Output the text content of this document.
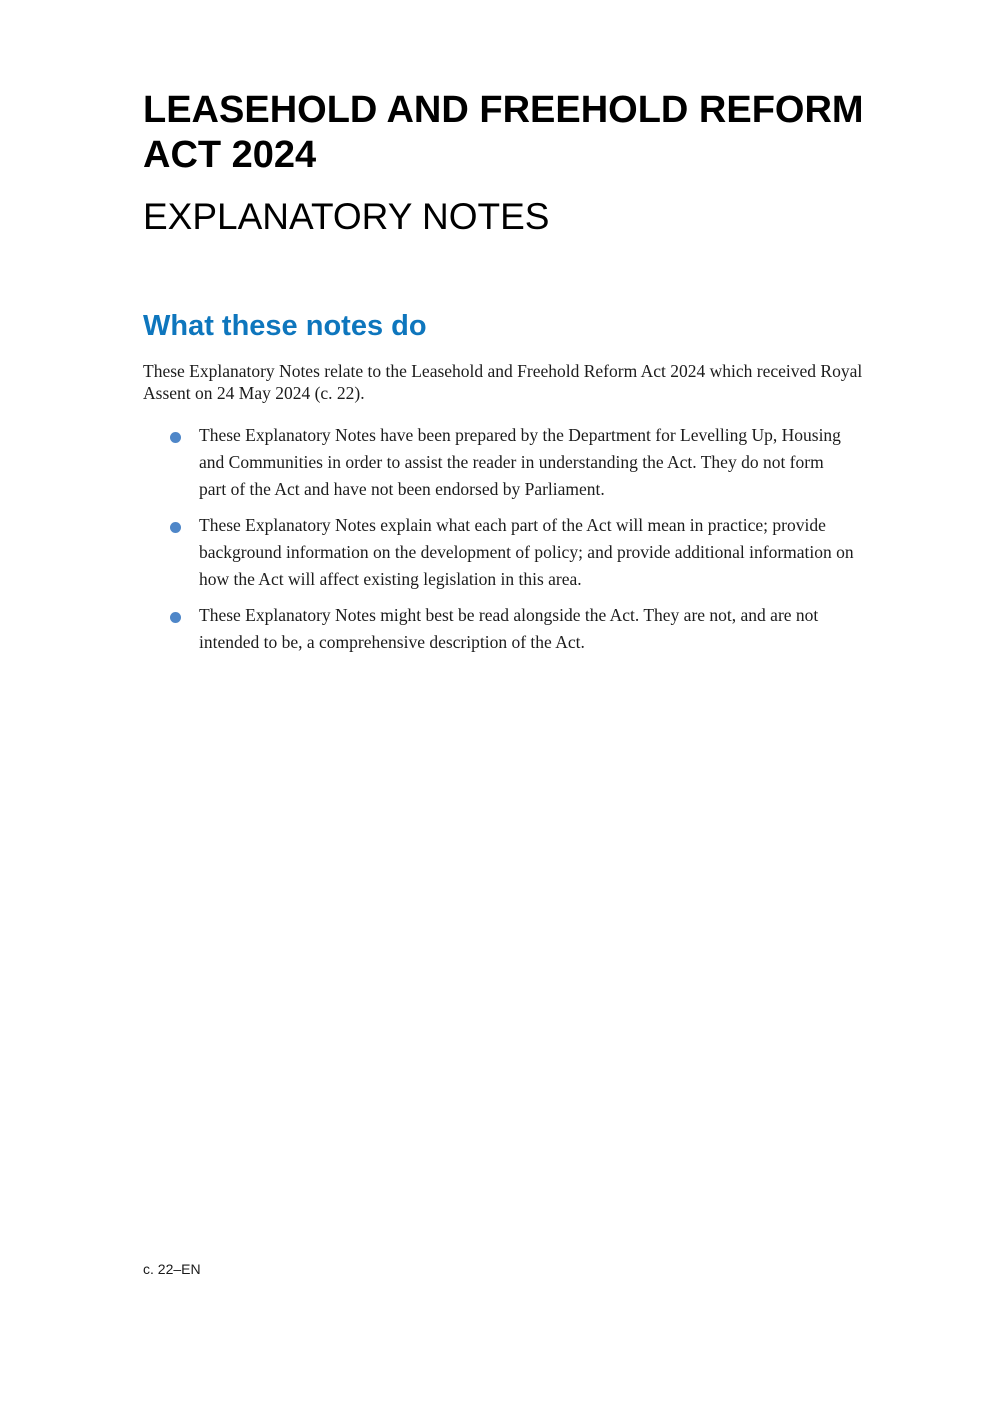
LEASEHOLD AND FREEHOLD REFORM ACT 2024
EXPLANATORY NOTES
What these notes do

These Explanatory Notes relate to the Leasehold and Freehold Reform Act 2024 which received Royal Assent on 24 May 2024 (c. 22).

These Explanatory Notes have been prepared by the Department for Levelling Up, Housing and Communities in order to assist the reader in understanding the Act. They do not form part of the Act and have not been endorsed by Parliament.
These Explanatory Notes explain what each part of the Act will mean in practice; provide background information on the development of policy; and provide additional information on how the Act will affect existing legislation in this area.
These Explanatory Notes might best be read alongside the Act. They are not, and are not intended to be, a comprehensive description of the Act.
c. 22–EN
